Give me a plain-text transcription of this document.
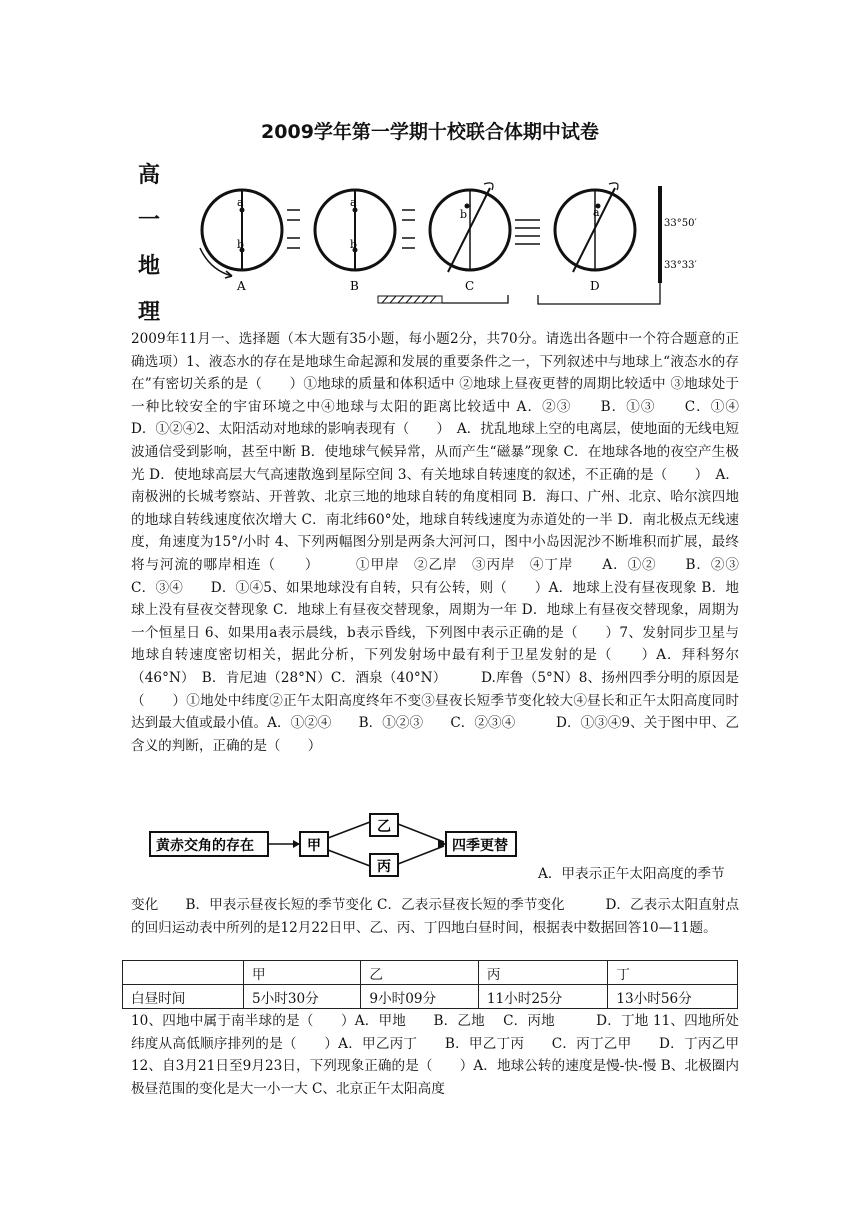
2009学年第一学期十校联合体期中试卷
高
一
地
理
a
b
A
a
b
B
b
C
a
D
33°50′
33°33′

2009年11月一、选择题（本大题有35小题，每小题2分，共70分。请选出各题中一个符合题意的正确选项）1、液态水的存在是地球生命起源和发展的重要条件之一，下列叙述中与地球上“液态水的存在”有密切关系的是（　　）①地球的质量和体积适中 ②地球上昼夜更替的周期比较适中 ③地球处于一种比较安全的宇宙环境之中④地球与太阳的距离比较适中 A．②③　　B．①③　　C．①④　　　D．①②④2、太阳活动对地球的影响表现有（　　）　A．扰乱地球上空的电离层，使地面的无线电短波通信受到影响，甚至中断 B．使地球气候异常，从而产生“磁暴”现象 C．在地球各地的夜空产生极光 D．使地球高层大气高速散逸到星际空间 3、有关地球自转速度的叙述，不正确的是（　　）　A．南极洲的长城考察站、开普敦、北京三地的地球自转的角度相同 B．海口、广州、北京、哈尔滨四地的地球自转线速度依次增大 C．南北纬60°处，地球自转线速度为赤道处的一半 D．南北极点无线速度，角速度为15°/小时 4、下列两幅图分别是两条大河河口，图中小岛因泥沙不断堆积而扩展，最终将与河流的哪岸相连（　　）　　　①甲岸　②乙岸　③丙岸　④丁岸　　A．①②　　B．②③　　C．③④　　D．①④5、如果地球没有自转，只有公转，则（　　）A．地球上没有昼夜现象 B．地球上没有昼夜交替现象 C．地球上有昼夜交替现象，周期为一年 D．地球上有昼夜交替现象，周期为一个恒星日 6、如果用a表示晨线，b表示昏线，下列图中表示正确的是（　　）7、发射同步卫星与地球自转速度密切相关，据此分析，下列发射场中最有利于卫星发射的是（　　）A．拜科努尔（46°N）　B．肯尼迪（28°N）C．酒泉（40°N）　　　D.库鲁（5°N）8、扬州四季分明的原因是（　　）①地处中纬度②正午太阳高度终年不变③昼夜长短季节变化较大④昼长和正午太阳高度同时达到最大值或最小值。A．①②④　　B．①②③　　C．②③④　　　D．①③④9、关于图中甲、乙含义的判断，正确的是（　　）

黄赤交角的存在	甲
乙
丙
四季更替
A．甲表示正午太阳高度的季节

变化　　B．甲表示昼夜长短的季节变化 C．乙表示昼夜长短的季节变化　　　D．乙表示太阳直射点的回归运动表中所列的是12月22日甲、乙、丙、丁四地白昼时间，根据表中数据回答10—11题。

	甲	乙	丙	丁
白昼时间	5小时30分	9小时09分	11小时25分	13小时56分

10、四地中属于南半球的是（　　）A．甲地　　B．乙地　 C．丙地　　　D．丁地 11、四地所处纬度从高低顺序排列的是（　　）A．甲乙丙丁　　B．甲乙丁丙　　C．丙丁乙甲　　D．丁丙乙甲 12、自3月21日至9月23日，下列现象正确的是（　　）A．地球公转的速度是慢-快-慢 B、北极圈内极昼范围的变化是大一小一大 C、北京正午太阳高度
